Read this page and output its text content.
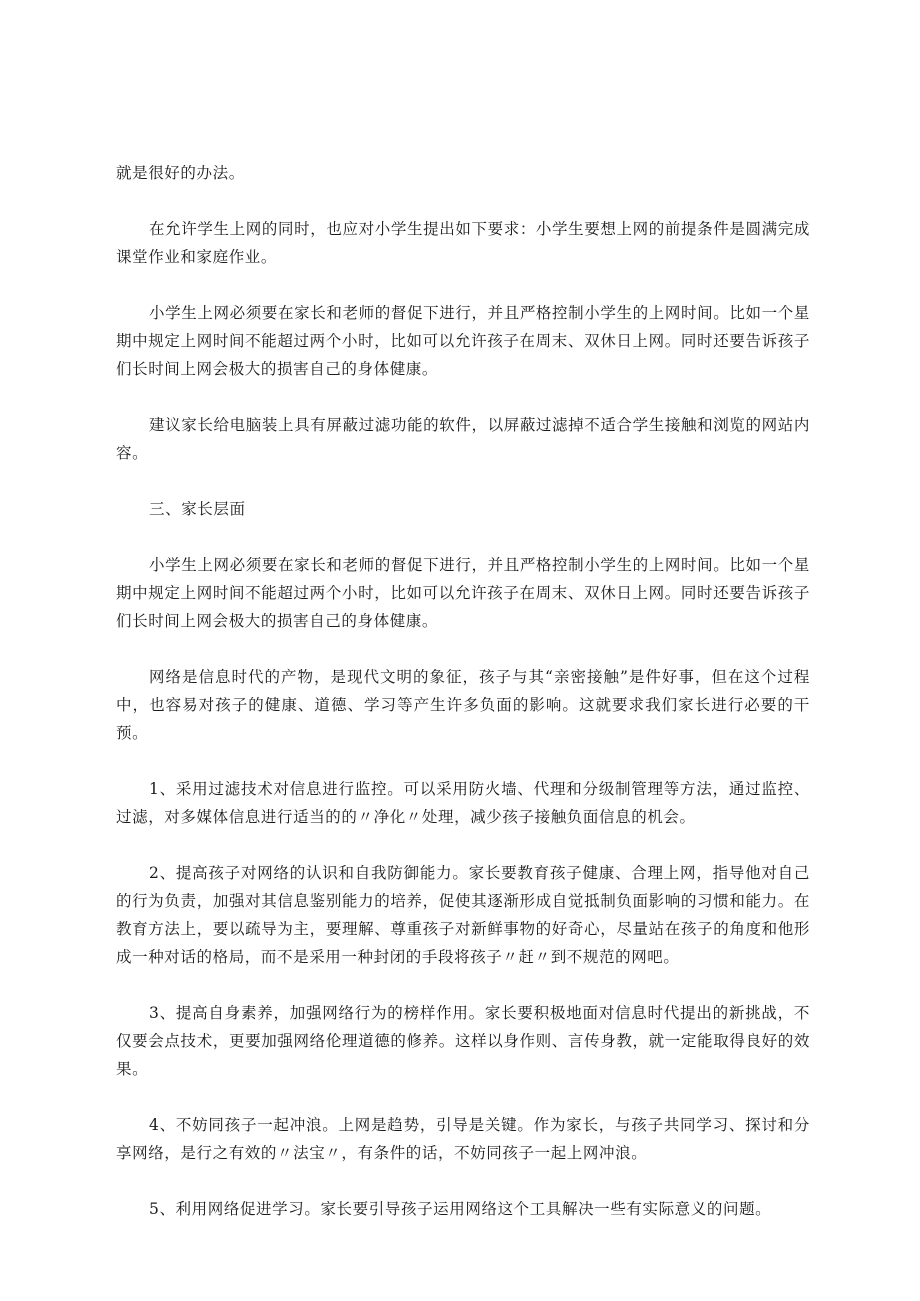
就是很好的办法。

在允许学生上网的同时，也应对小学生提出如下要求：小学生要想上网的前提条件是圆满完成课堂作业和家庭作业。

小学生上网必须要在家长和老师的督促下进行，并且严格控制小学生的上网时间。比如一个星期中规定上网时间不能超过两个小时，比如可以允许孩子在周末、双休日上网。同时还要告诉孩子们长时间上网会极大的损害自己的身体健康。

建议家长给电脑装上具有屏蔽过滤功能的软件，以屏蔽过滤掉不适合学生接触和浏览的网站内容。

三、家长层面

小学生上网必须要在家长和老师的督促下进行，并且严格控制小学生的上网时间。比如一个星期中规定上网时间不能超过两个小时，比如可以允许孩子在周末、双休日上网。同时还要告诉孩子们长时间上网会极大的损害自己的身体健康。

网络是信息时代的产物，是现代文明的象征，孩子与其“亲密接触”是件好事，但在这个过程中，也容易对孩子的健康、道德、学习等产生许多负面的影响。这就要求我们家长进行必要的干预。

1、采用过滤技术对信息进行监控。可以采用防火墙、代理和分级制管理等方法，通过监控、过滤，对多媒体信息进行适当的的〃净化〃处理，减少孩子接触负面信息的机会。

2、提高孩子对网络的认识和自我防御能力。家长要教育孩子健康、合理上网，指导他对自己的行为负责，加强对其信息鉴别能力的培养，促使其逐渐形成自觉抵制负面影响的习惯和能力。在教育方法上，要以疏导为主，要理解、尊重孩子对新鲜事物的好奇心，尽量站在孩子的角度和他形成一种对话的格局，而不是采用一种封闭的手段将孩子〃赶〃到不规范的网吧。

3、提高自身素养，加强网络行为的榜样作用。家长要积极地面对信息时代提出的新挑战，不仅要会点技术，更要加强网络伦理道德的修养。这样以身作则、言传身教，就一定能取得良好的效果。

4、不妨同孩子一起冲浪。上网是趋势，引导是关键。作为家长，与孩子共同学习、探讨和分享网络，是行之有效的〃法宝〃，有条件的话，不妨同孩子一起上网冲浪。

5、利用网络促进学习。家长要引导孩子运用网络这个工具解决一些有实际意义的问题。
